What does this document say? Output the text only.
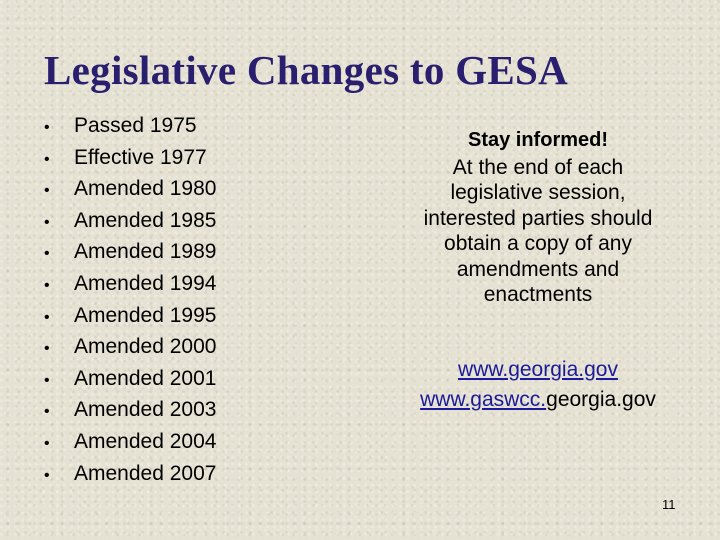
Legislative Changes to GESA
•	Passed 1975
•	Effective 1977
•	Amended 1980
•	Amended 1985
•	Amended 1989
•	Amended 1994
•	Amended 1995
•	Amended 2000
•	Amended 2001
•	Amended 2003
•	Amended 2004
•	Amended 2007
Stay informed!
At the end of each
legislative session,
interested parties should
obtain a copy of any
amendments and
enactments
www.georgia.gov
www.gaswcc.georgia.gov
11
